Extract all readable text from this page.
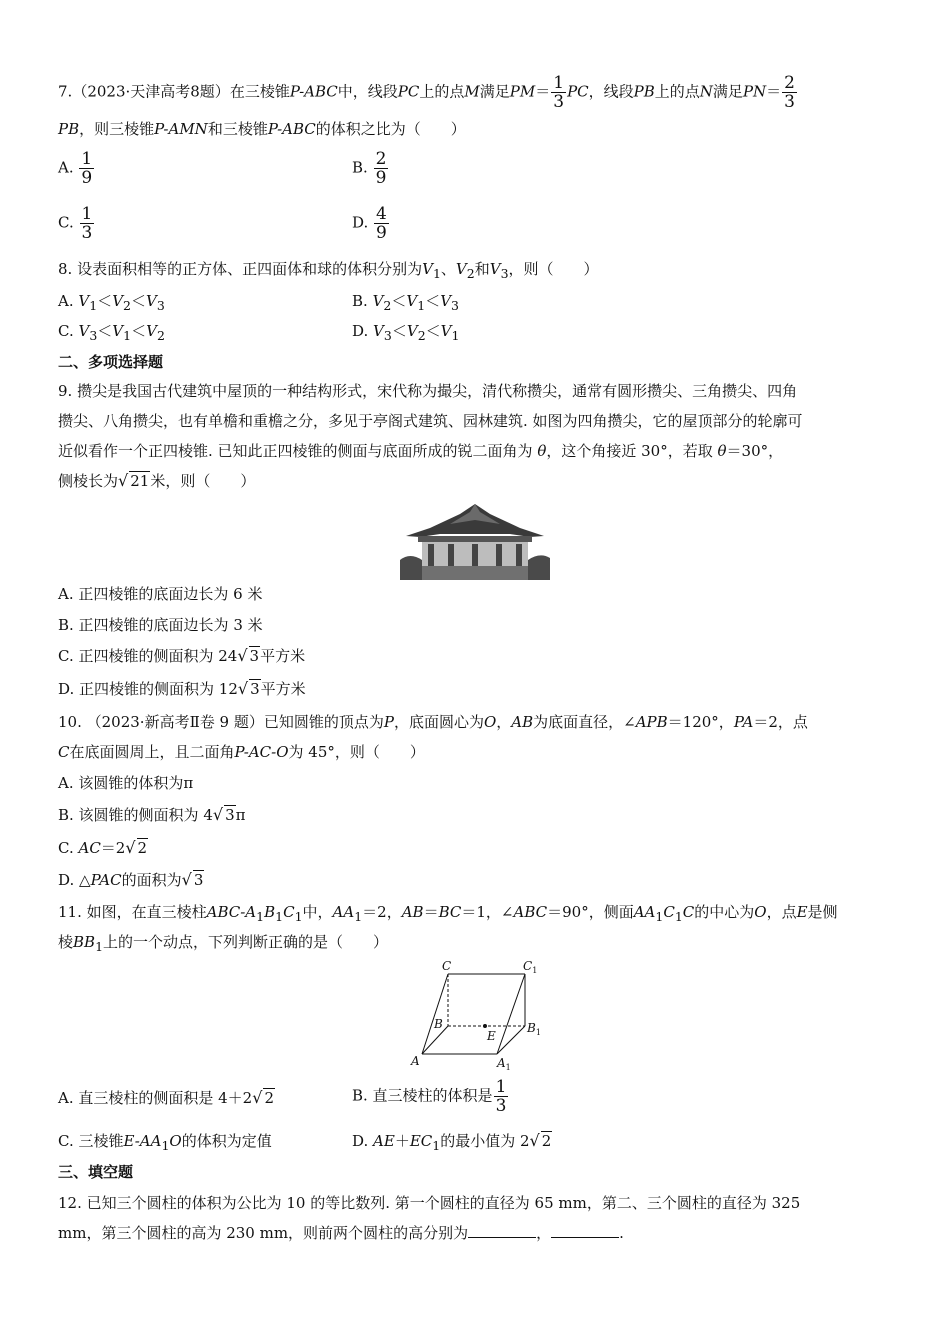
7.（2023·天津高考8题）在三棱锥P-ABC中，线段PC上的点M满足$PM= \frac{1}{3}$ PC，线段PB上的点N满足$PN= \frac{2}{3}$
PB，则三棱锥P-AMN和三棱锥P-ABC的体积之比为（　　）
A. $\frac{1}{9}$	B. $\frac{2}{9}$
C. $\frac{1}{3}$	D. $\frac{4}{9}$
8. 设表面积相等的正方体、正四面体和球的体积分别为$V_1$、$V_2$和$V_3$，则（　　）
A. $V_1<V_2<V_3$	B. $V_2<V_1<V_3$
C. $V_3<V_1<V_2$	D. $V_3<V_2<V_1$
二、多项选择题
9. 攒尖是我国古代建筑中屋顶的一种结构形式，宋代称为撮尖，清代称攒尖，通常有圆形攒尖、三角攒尖、四角
攒尖、八角攒尖，也有单檐和重檐之分，多见于亭阁式建筑、园林建筑. 如图为四角攒尖，它的屋顶部分的轮廓可
近似看作一个正四棱锥. 已知此正四棱锥的侧面与底面所成的锐二面角为 θ，这个角接近 30°，若取 θ＝30°，
侧棱长为√ 21米，则（　　）
A. 正四棱锥的底面边长为 6 米
B. 正四棱锥的底面边长为 3 米
C. 正四棱锥的侧面积为 24√ 3平方米
D. 正四棱锥的侧面积为 12√ 3平方米
10. （2023·新高考Ⅱ卷 9 题）已知圆锥的顶点为P，底面圆心为O，AB为底面直径，∠APB＝120°，PA＝2，点
C在底面圆周上，且二面角P-AC-O为 45°，则（　　）
A. 该圆锥的体积为π
B. 该圆锥的侧面积为 4√ 3π
C. AC＝2√ 2
D. △PAC的面积为√ 3
11. 如图，在直三棱柱ABC-$A_1B_1C_1$中，$AA_1=2$，AB＝BC＝1，∠ABC＝90°，侧面$AA_1C_1C$的中心为O，点E是侧
棱$BB_1$上的一个动点，下列判断正确的是（　　）
C	$C_1$
B	$B_1$
A	$A_1$
E
A. 直三棱柱的侧面积是 4＋2√ 2	B. 直三棱柱的体积是 $\frac{1}{3}$
C. 三棱锥$E-AA_1O$的体积为定值	D. $AE+EC_1$的最小值为 2√ 2
三、填空题
12. 已知三个圆柱的体积为公比为 10 的等比数列. 第一个圆柱的直径为 65 mm，第二、三个圆柱的直径为 325
mm，第三个圆柱的高为 230 mm，则前两个圆柱的高分别为	，	.
